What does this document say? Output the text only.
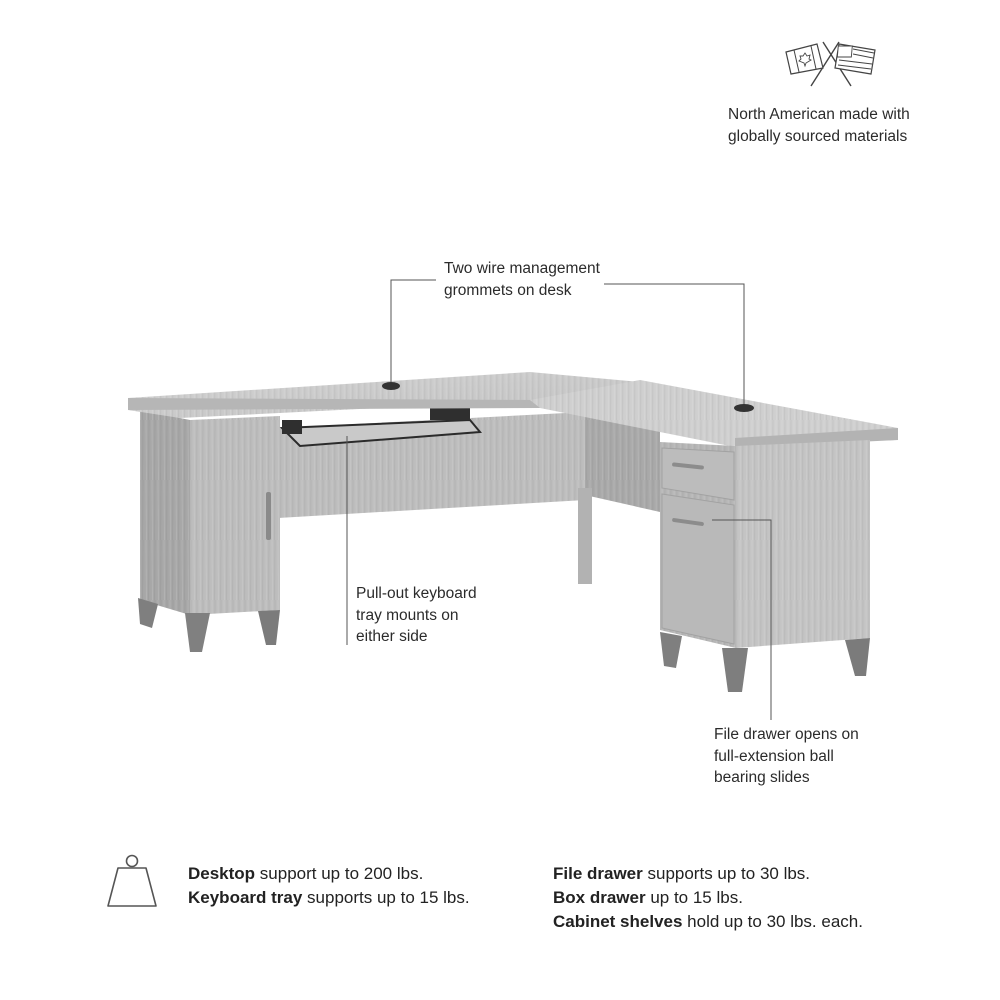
North American made with
globally sourced materials
Two wire management
grommets on desk
Pull-out keyboard
tray mounts on
either side
File drawer opens on
full-extension ball
bearing slides
Desktop support up to 200 lbs.
Keyboard tray supports up to 15 lbs.
File drawer supports up to 30 lbs.
Box drawer up to 15 lbs.
Cabinet shelves hold up to 30 lbs. each.
